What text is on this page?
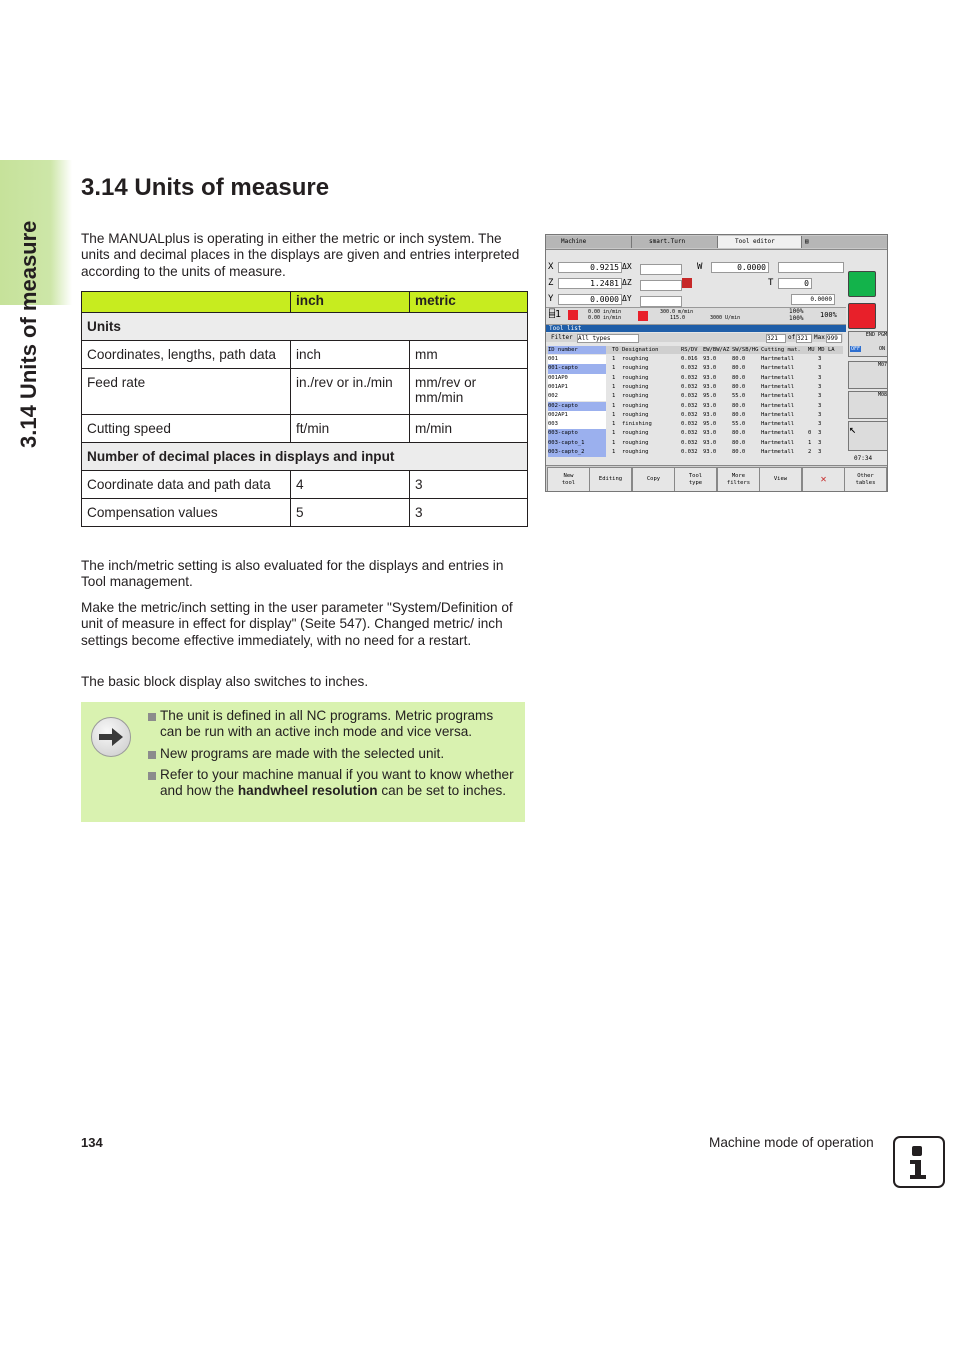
3.14 Units of measure
3.14 Units of measure

The MANUALplus is operating in either the metric or inch system. The units and decimal places in the displays are given and entries interpreted according to the units of measure.

	inch	metric
Units		
Coordinates, lengths, path data	inch	mm
Feed rate	in./rev or in./min	mm/rev or mm/min
Cutting speed	ft/min	m/min
Number of decimal places in displays and input		
Coordinate data and path data	4	3
Compensation values	5	3

The inch/metric setting is also evaluated for the displays and entries in Tool management.

Make the metric/inch setting in the user parameter "System/Definition of unit of measure in effect for display" (Seite 547). Changed metric/ inch settings become effective immediately, with no need for a restart.

The basic block display also switches to inches.

The unit is defined in all NC programs. Metric programs can be run with an active inch mode and vice versa.
New programs are made with the selected unit.
Refer to your machine manual if you want to know whether and how the handwheel resolution can be set to inches.
Machine	smart.Turn	Tool editor	▤
X	0.9215 ΔX
Z	1.2481 ΔZ
Y	0.0000 ΔY
W	0.0000
T	0
0.0000
⌸1	0.00 in/min
0.00 in/min
300.0 m/min
115.0	3000 U/min
100%
100% 100%
Tool list
Filter All types	321	of 321	Max 999
ID number	TO Designation	RS/DV EW/BW/AZ SW/SB/HG Cutting mat. MU MD LA
001	1 roughing	0.016 93.0	80.0	Hartmetall	3
001-capto	1 roughing	0.032 93.0	80.0	Hartmetall	3
001AP0	1 roughing	0.032 93.0	80.0	Hartmetall	3
001AP1	1 roughing	0.032 93.0	80.0	Hartmetall	3
002	1 roughing	0.032 95.0	55.0	Hartmetall	3
002-capto	1 roughing	0.032 93.0	80.0	Hartmetall	3
002AP1	1 roughing	0.032 93.0	80.0	Hartmetall	3
003	1 finishing	0.032 95.0	55.0	Hartmetall	3
003-capto	1 roughing	0.032 93.0	80.0	Hartmetall	0 3
003-capto_1	1 roughing	0.032 93.0	80.0	Hartmetall	1 3
003-capto_2	1 roughing	0.032 93.0	80.0	Hartmetall	2 3
END PGM
OFF	ON
M07
M08
↖
07:34
New
tool
Editing	Copy
Tool
type
More
filters
View	✕	Other
tables
134	Machine mode of operation
